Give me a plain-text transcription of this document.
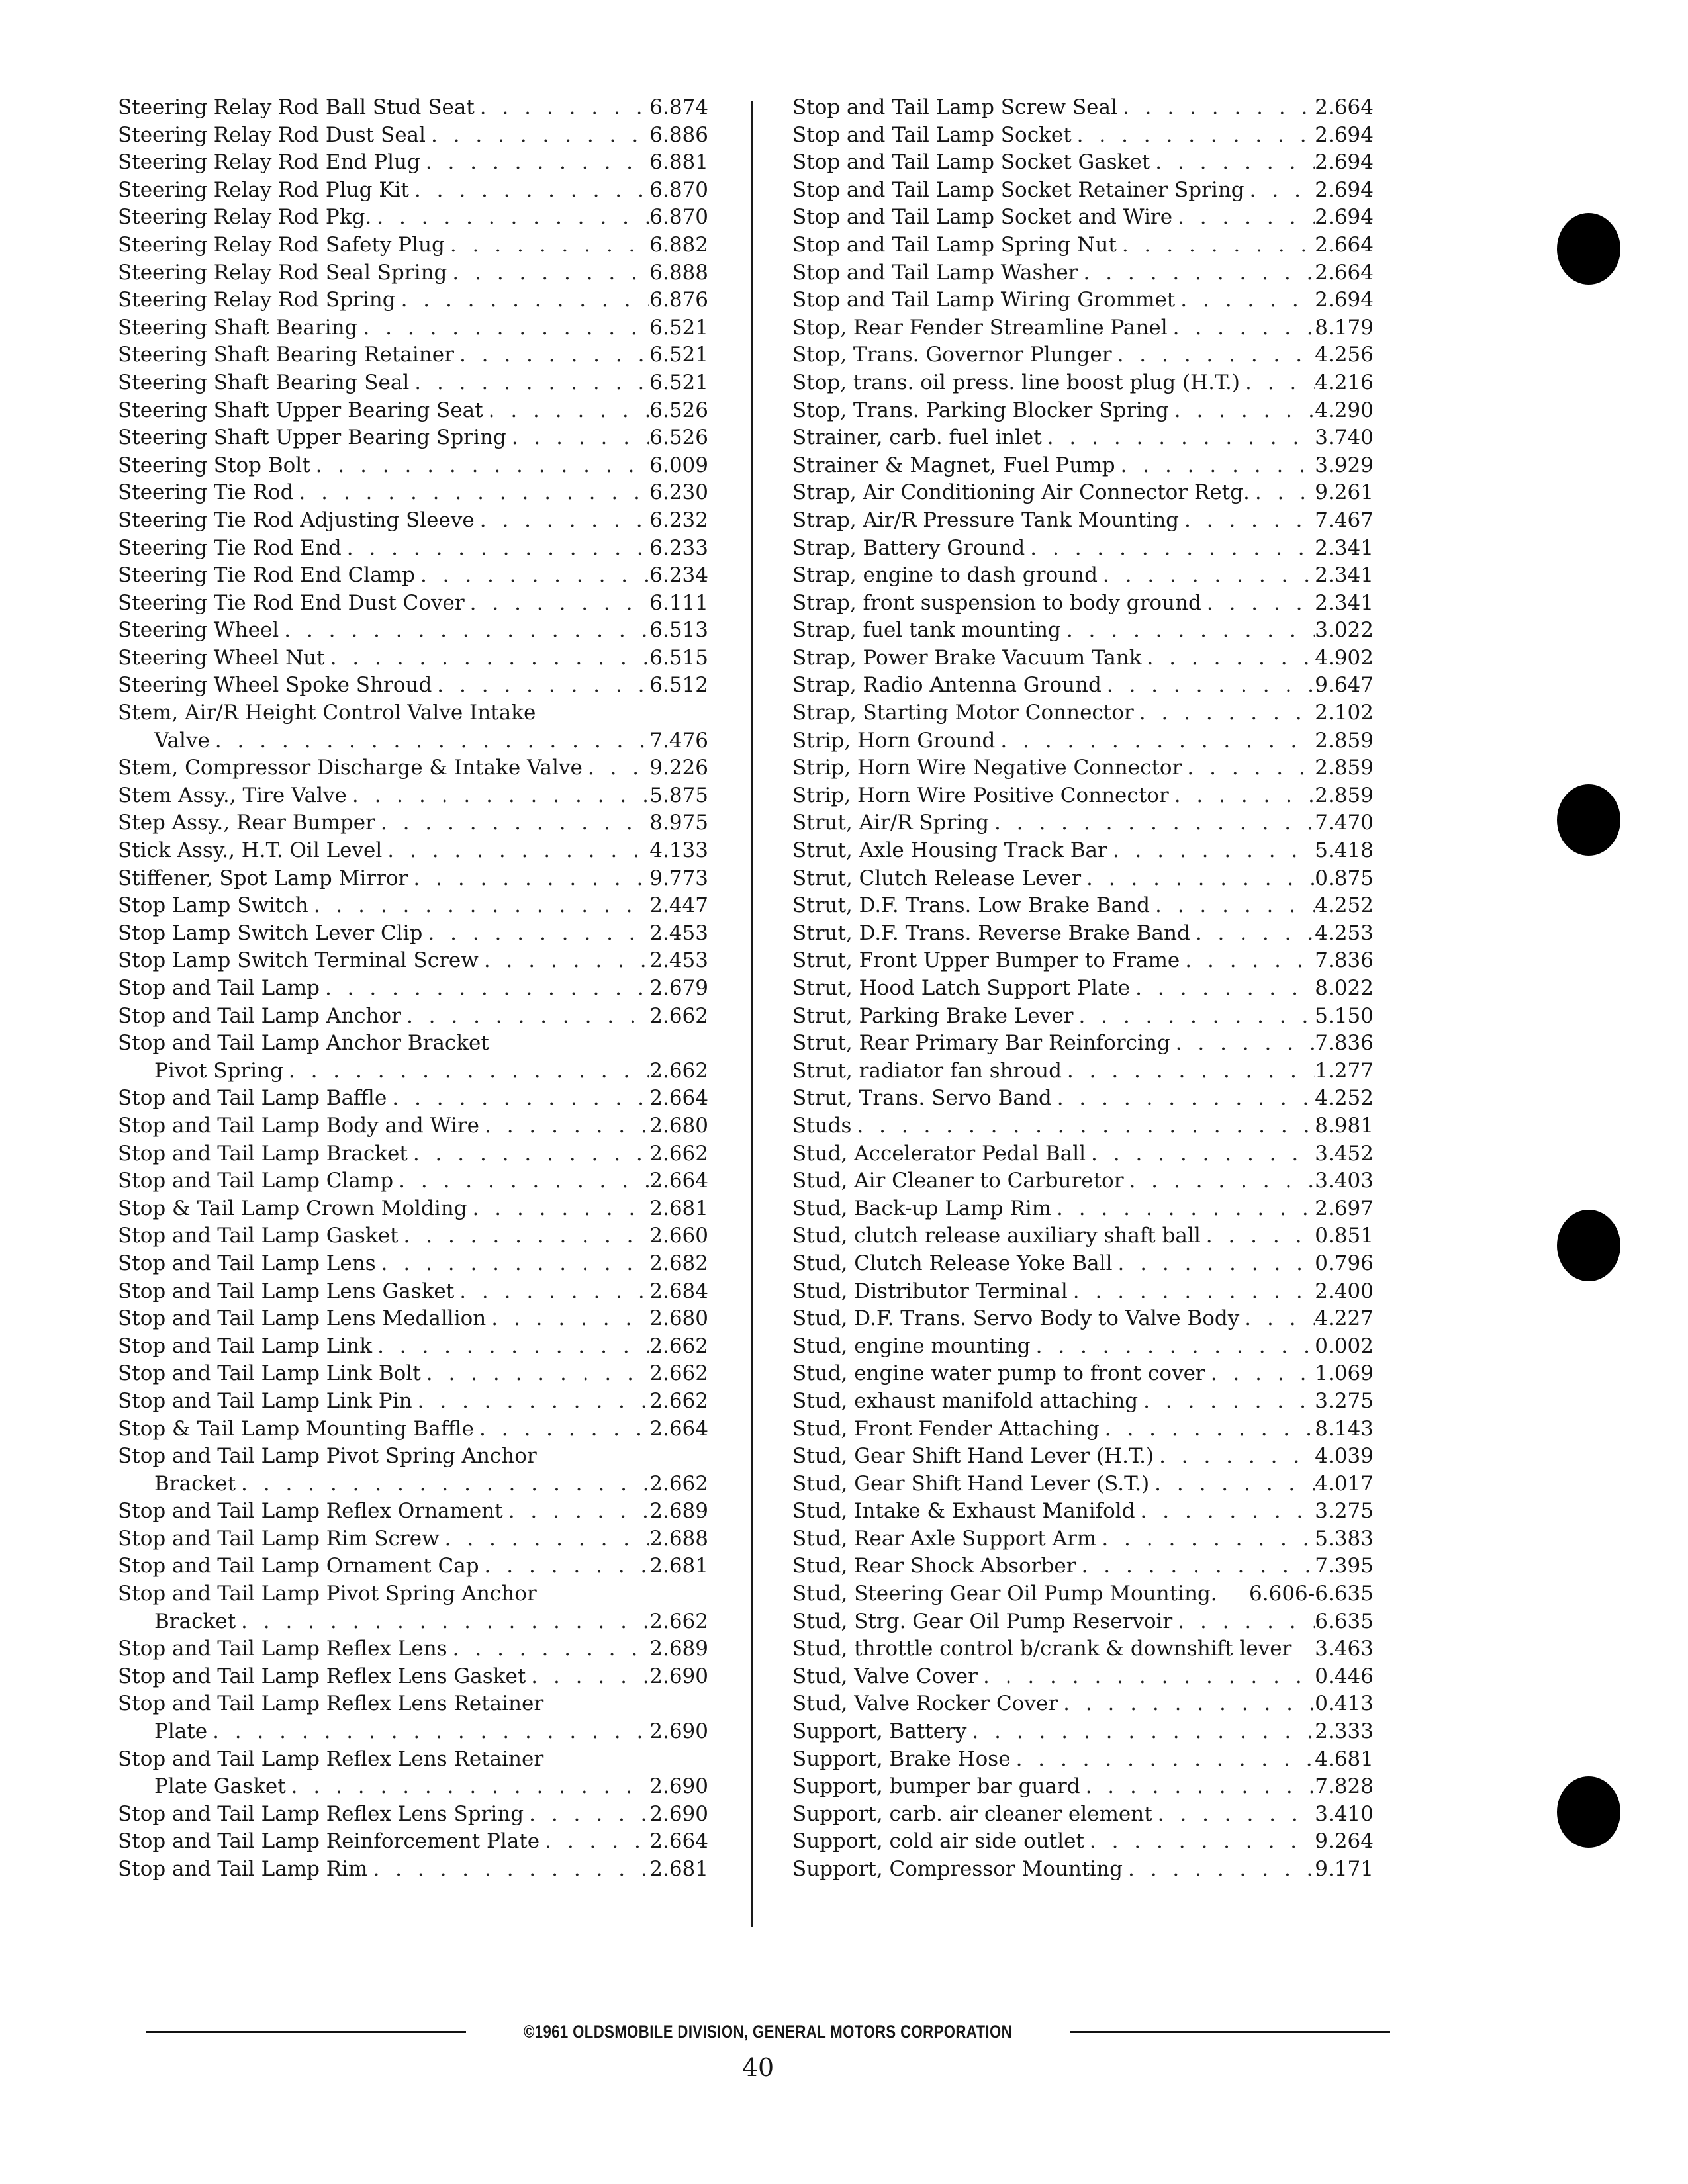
Steering Relay Rod Ball Stud Seat . . .	6.874
Steering Relay Rod Dust Seal . . .	6.886
Steering Relay Rod End Plug . . .	6.881
Steering Relay Rod Plug Kit . . .	6.870
Steering Relay Rod Pkg. . . .	6.870
Steering Relay Rod Safety Plug . . .	6.882
Steering Relay Rod Seal Spring . . .	6.888
Steering Relay Rod Spring . . .	6.876
Steering Shaft Bearing . . .	6.521
Steering Shaft Bearing Retainer . . .	6.521
Steering Shaft Bearing Seal . . .	6.521
Steering Shaft Upper Bearing Seat . . .	6.526
Steering Shaft Upper Bearing Spring . . .	6.526
Steering Stop Bolt . . .	6.009
Steering Tie Rod . . .	6.230
Steering Tie Rod Adjusting Sleeve . . .	6.232
Steering Tie Rod End . . .	6.233
Steering Tie Rod End Clamp . . .	6.234
Steering Tie Rod End Dust Cover . . .	6.111
Steering Wheel . . .	6.513
Steering Wheel Nut . . .	6.515
Steering Wheel Spoke Shroud . . .	6.512
Stem, Air/R Height Control Valve Intake
Valve . . .	7.476
Stem, Compressor Discharge & Intake Valve . . .	9.226
Stem Assy., Tire Valve . . .	5.875
Step Assy., Rear Bumper . . .	8.975
Stick Assy., H.T. Oil Level . . .	4.133
Stiffener, Spot Lamp Mirror . . .	9.773
Stop Lamp Switch . . .	2.447
Stop Lamp Switch Lever Clip . . .	2.453
Stop Lamp Switch Terminal Screw . . .	2.453
Stop and Tail Lamp . . .	2.679
Stop and Tail Lamp Anchor . . .	2.662
Stop and Tail Lamp Anchor Bracket
Pivot Spring . . .	2.662
Stop and Tail Lamp Baffle . . .	2.664
Stop and Tail Lamp Body and Wire . . .	2.680
Stop and Tail Lamp Bracket . . .	2.662
Stop and Tail Lamp Clamp . . .	2.664
Stop & Tail Lamp Crown Molding . . .	2.681
Stop and Tail Lamp Gasket . . .	2.660
Stop and Tail Lamp Lens . . .	2.682
Stop and Tail Lamp Lens Gasket . . .	2.684
Stop and Tail Lamp Lens Medallion . . .	2.680
Stop and Tail Lamp Link . . .	2.662
Stop and Tail Lamp Link Bolt . . .	2.662
Stop and Tail Lamp Link Pin . . .	2.662
Stop & Tail Lamp Mounting Baffle . . .	2.664
Stop and Tail Lamp Pivot Spring Anchor
Bracket . . .	2.662
Stop and Tail Lamp Reflex Ornament . . .	2.689
Stop and Tail Lamp Rim Screw . . .	2.688
Stop and Tail Lamp Ornament Cap . . .	2.681
Stop and Tail Lamp Pivot Spring Anchor
Bracket . . .	2.662
Stop and Tail Lamp Reflex Lens . . .	2.689
Stop and Tail Lamp Reflex Lens Gasket . . .	2.690
Stop and Tail Lamp Reflex Lens Retainer
Plate . . .	2.690
Stop and Tail Lamp Reflex Lens Retainer
Plate Gasket . . .	2.690
Stop and Tail Lamp Reflex Lens Spring . . .	2.690
Stop and Tail Lamp Reinforcement Plate . . .	2.664
Stop and Tail Lamp Rim . . .	2.681
Stop and Tail Lamp Screw Seal . . .	2.664
Stop and Tail Lamp Socket . . .	2.694
Stop and Tail Lamp Socket Gasket . . .	2.694
Stop and Tail Lamp Socket Retainer Spring . . .	2.694
Stop and Tail Lamp Socket and Wire . . .	2.694
Stop and Tail Lamp Spring Nut . . .	2.664
Stop and Tail Lamp Washer . . .	2.664
Stop and Tail Lamp Wiring Grommet . . .	2.694
Stop, Rear Fender Streamline Panel . . .	8.179
Stop, Trans. Governor Plunger . . .	4.256
Stop, trans. oil press. line boost plug (H.T.) . . .	4.216
Stop, Trans. Parking Blocker Spring . . .	4.290
Strainer, carb. fuel inlet . . .	3.740
Strainer & Magnet, Fuel Pump . . .	3.929
Strap, Air Conditioning Air Connector Retg. . . .	9.261
Strap, Air/R Pressure Tank Mounting . . .	7.467
Strap, Battery Ground . . .	2.341
Strap, engine to dash ground . . .	2.341
Strap, front suspension to body ground . . .	2.341
Strap, fuel tank mounting . . .	3.022
Strap, Power Brake Vacuum Tank . . .	4.902
Strap, Radio Antenna Ground . . .	9.647
Strap, Starting Motor Connector . . .	2.102
Strip, Horn Ground . . .	2.859
Strip, Horn Wire Negative Connector . . .	2.859
Strip, Horn Wire Positive Connector . . .	2.859
Strut, Air/R Spring . . .	7.470
Strut, Axle Housing Track Bar . . .	5.418
Strut, Clutch Release Lever . . .	0.875
Strut, D.F. Trans. Low Brake Band . . .	4.252
Strut, D.F. Trans. Reverse Brake Band . . .	4.253
Strut, Front Upper Bumper to Frame . . .	7.836
Strut, Hood Latch Support Plate . . .	8.022
Strut, Parking Brake Lever . . .	5.150
Strut, Rear Primary Bar Reinforcing . . .	7.836
Strut, radiator fan shroud . . .	1.277
Strut, Trans. Servo Band . . .	4.252
Studs . . .	8.981
Stud, Accelerator Pedal Ball . . .	3.452
Stud, Air Cleaner to Carburetor . . .	3.403
Stud, Back-up Lamp Rim . . .	2.697
Stud, clutch release auxiliary shaft ball . . .	0.851
Stud, Clutch Release Yoke Ball . . .	0.796
Stud, Distributor Terminal . . .	2.400
Stud, D.F. Trans. Servo Body to Valve Body . . .	4.227
Stud, engine mounting . . .	0.002
Stud, engine water pump to front cover . . .	1.069
Stud, exhaust manifold attaching . . .	3.275
Stud, Front Fender Attaching . . .	8.143
Stud, Gear Shift Hand Lever (H.T.) . . .	4.039
Stud, Gear Shift Hand Lever (S.T.) . . .	4.017
Stud, Intake & Exhaust Manifold . . .	3.275
Stud, Rear Axle Support Arm . . .	5.383
Stud, Rear Shock Absorber . . .	7.395
Stud, Steering Gear Oil Pump Mounting. 6.606-6.635
Stud, Strg. Gear Oil Pump Reservoir . . .	6.635
Stud, throttle control b/crank & downshift lever 3.463
Stud, Valve Cover . . .	0.446
Stud, Valve Rocker Cover . . .	0.413
Support, Battery . . .	2.333
Support, Brake Hose . . .	4.681
Support, bumper bar guard . . .	7.828
Support, carb. air cleaner element . . .	3.410
Support, cold air side outlet . . .	9.264
Support, Compressor Mounting . . .	9.171
©1961 OLDSMOBILE DIVISION, GENERAL MOTORS CORPORATION
40
